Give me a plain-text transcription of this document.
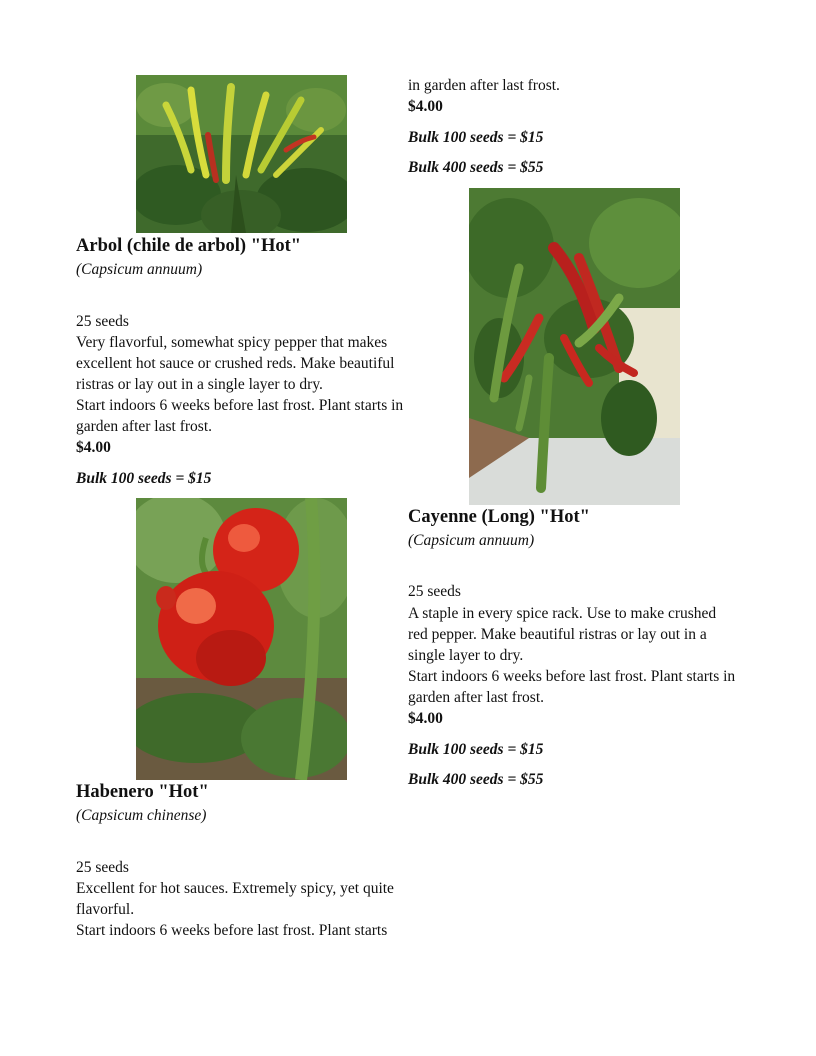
in garden after last frost.
$4.00
Bulk 100 seeds = $15
Bulk 400 seeds = $55
Arbol (chile de arbol) "Hot"
(Capsicum annuum)
25 seeds
Very flavorful, somewhat spicy pepper that makes excellent hot sauce or crushed reds. Make beautiful ristras or lay out in a single layer to dry.
Start indoors 6 weeks before last frost. Plant starts in garden after last frost.
$4.00
Bulk 100 seeds = $15
Cayenne (Long) "Hot"
(Capsicum annuum)
25 seeds
A staple in every spice rack. Use to make crushed red pepper. Make beautiful ristras or lay out in a single layer to dry.
Start indoors 6 weeks before last frost. Plant starts in garden after last frost.
$4.00
Bulk 100 seeds = $15
Bulk 400 seeds = $55
Habenero "Hot"
(Capsicum chinense)
25 seeds
Excellent for hot sauces. Extremely spicy, yet quite flavorful.
Start indoors 6 weeks before last frost. Plant starts
